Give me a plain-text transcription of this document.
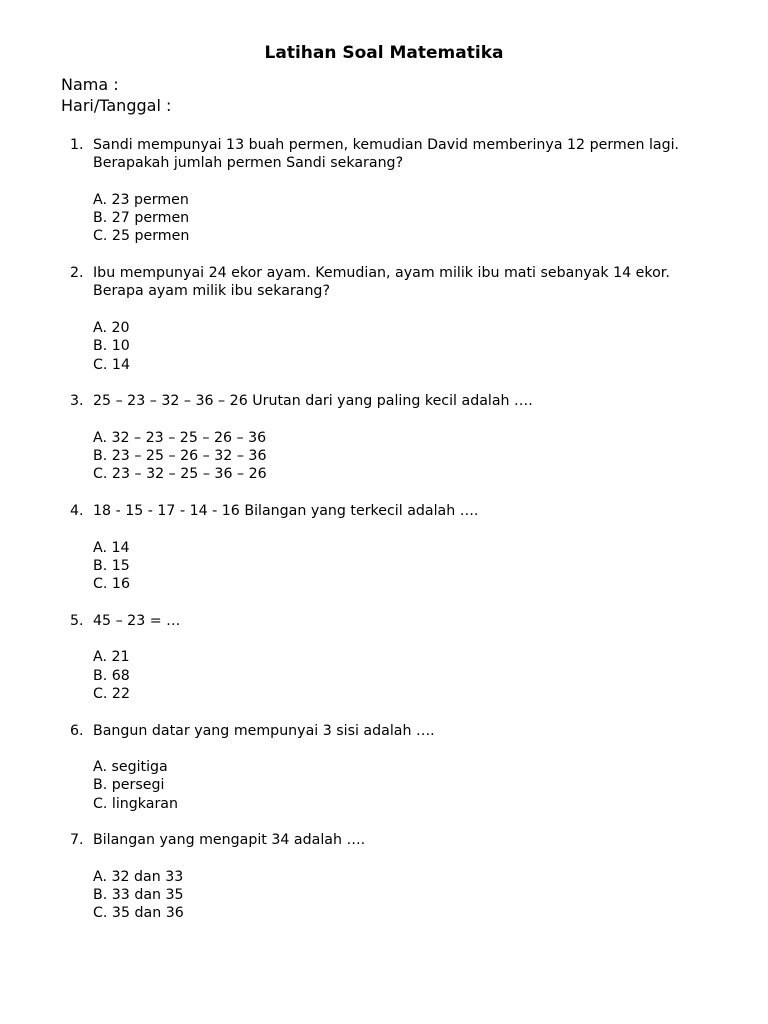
Latihan Soal Matematika
Nama :
Hari/Tanggal :
1. Sandi mempunyai 13 buah permen, kemudian David memberinya 12 permen lagi. Berapakah jumlah permen Sandi sekarang?
A. 23 permen
B. 27 permen
C. 25 permen
2. Ibu mempunyai 24 ekor ayam. Kemudian, ayam milik ibu mati sebanyak 14 ekor. Berapa ayam milik ibu sekarang?
A. 20
B. 10
C. 14
3. 25 – 23 – 32 – 36 – 26 Urutan dari yang paling kecil adalah ….
A. 32 – 23 – 25 – 26 – 36
B. 23 – 25 – 26 – 32 – 36
C. 23 – 32 – 25 – 36 – 26
4. 18 - 15 - 17 - 14 - 16 Bilangan yang terkecil adalah ….
A. 14
B. 15
C. 16
5. 45 – 23 = …
A. 21
B. 68
C. 22
6. Bangun datar yang mempunyai 3 sisi adalah ….
A. segitiga
B. persegi
C. lingkaran
7. Bilangan yang mengapit 34 adalah ….
A. 32 dan 33
B. 33 dan 35
C. 35 dan 36
